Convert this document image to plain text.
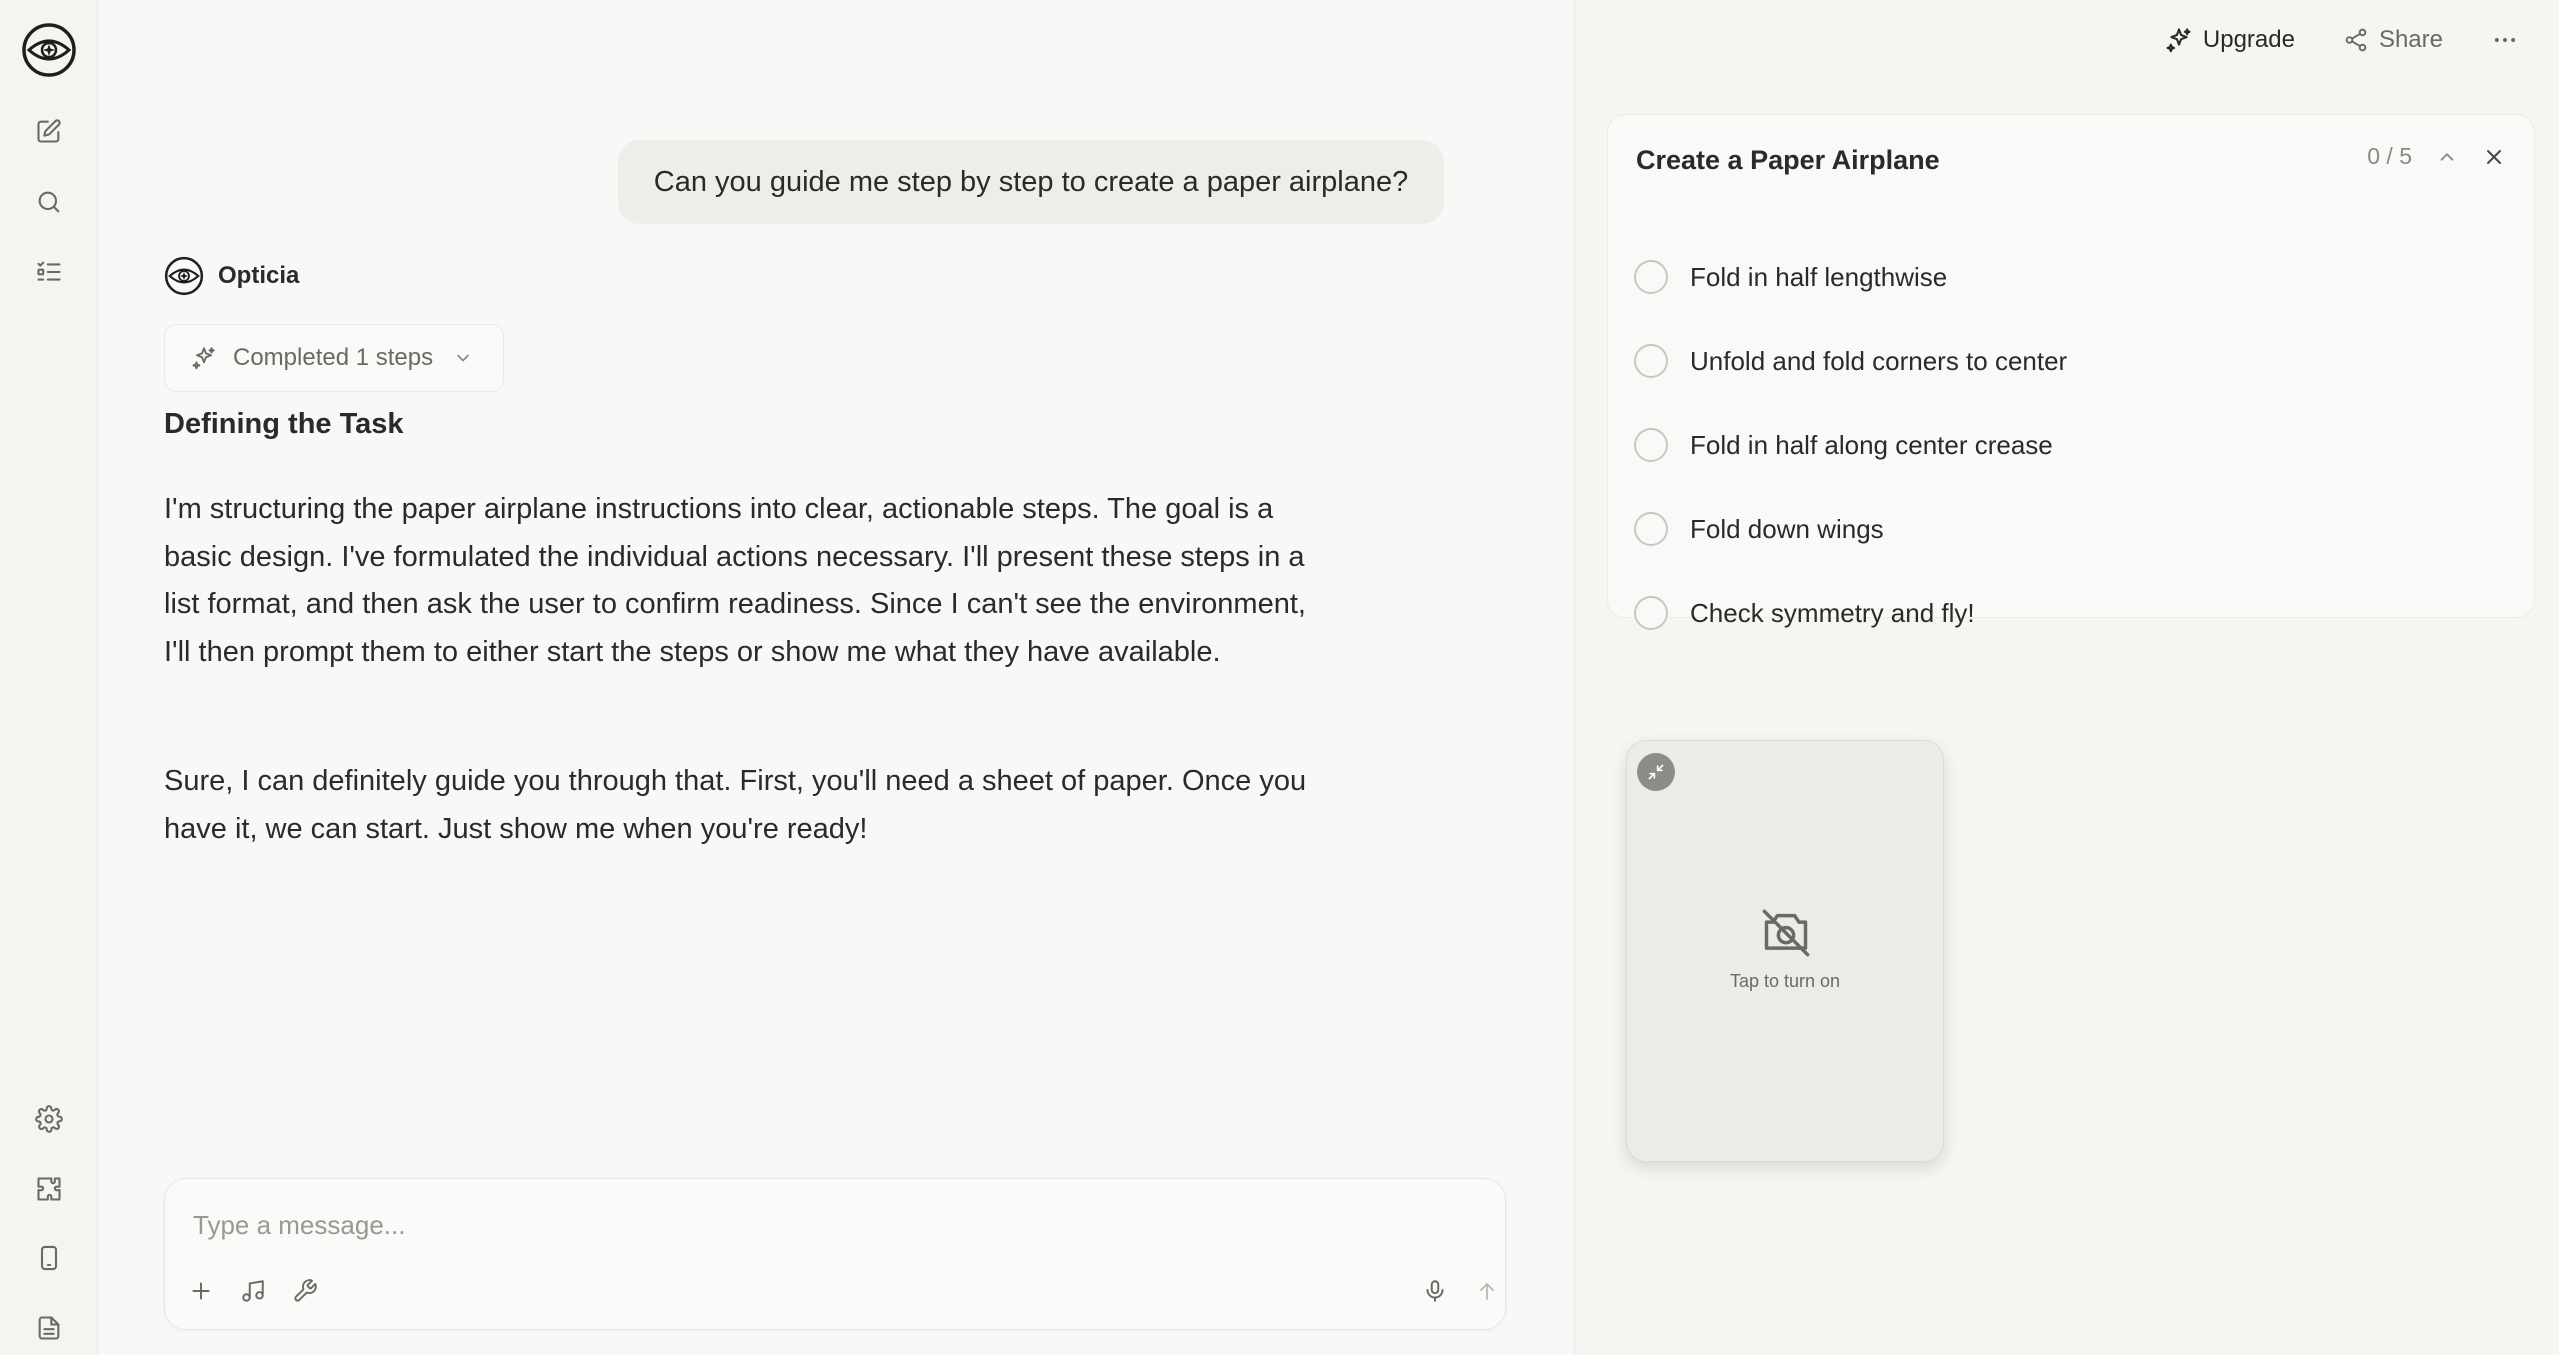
Can you guide me step by step to create a paper airplane?
Opticia
Completed 1 steps
Defining the Task

I'm structuring the paper airplane instructions into clear, actionable steps. The goal is a basic design. I've formulated the individual actions necessary. I'll present these steps in a list format, and then ask the user to confirm readiness. Since I can't see the environment, I'll then prompt them to either start the steps or show me what they have available.

Sure, I can definitely guide you through that. First, you'll need a sheet of paper. Once you have it, we can start. Just show me when you're ready!

Type a message...
Upgrade	Share
Create a Paper Airplane	0 / 5
Fold in half lengthwise
Unfold and fold corners to center
Fold in half along center crease
Fold down wings
Check symmetry and fly!
Tap to turn on
